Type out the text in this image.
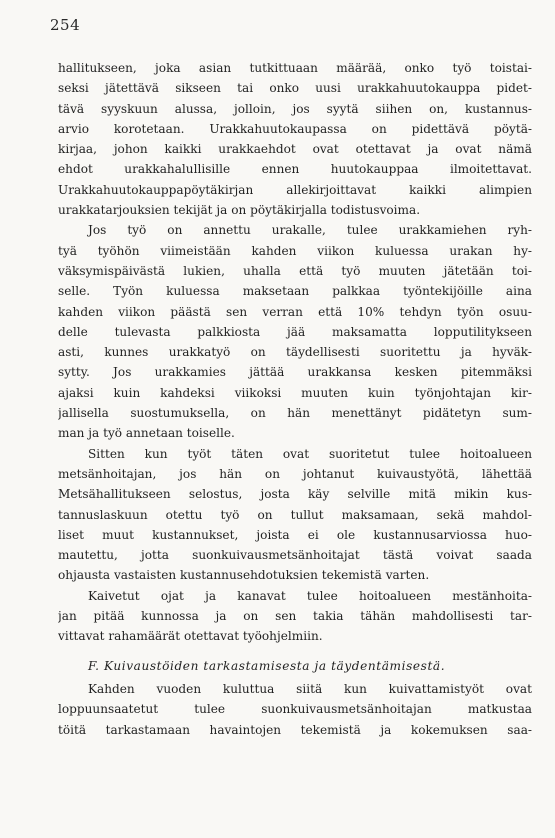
254
hallitukseen, joka asian tutkittuaan määrää, onko työ toistai-
seksi jätettävä sikseen tai onko uusi urakkahuutokauppa pidet-
tävä syyskuun alussa, jolloin, jos syytä siihen on, kustannus-
arvio korotetaan. Urakkahuutokaupassa on pidettävä pöytä-
kirjaa, johon kaikki urakkaehdot ovat otettavat ja ovat nämä
ehdot urakkahalullisille ennen huutokauppaa ilmoitettavat.
Urakkahuutokauppapöytäkirjan allekirjoittavat kaikki alimpien
urakkatarjouksien tekijät ja on pöytäkirjalla todistusvoima.
Jos työ on annettu urakalle, tulee urakkamiehen ryh-
tyä työhön viimeistään kahden viikon kuluessa urakan hy-
väksymispäivästä lukien, uhalla että työ muuten jätetään toi-
selle. Työn kuluessa maksetaan palkkaa työntekijöille aina
kahden viikon päästä sen verran että 10% tehdyn työn osuu-
delle tulevasta palkkiosta jää maksamatta lopputilitykseen
asti, kunnes urakkatyö on täydellisesti suoritettu ja hyväk-
sytty. Jos urakkamies jättää urakkansa kesken pitemmäksi
ajaksi kuin kahdeksi viikoksi muuten kuin työnjohtajan kir-
jallisella suostumuksella, on hän menettänyt pidätetyn sum-
man ja työ annetaan toiselle.
Sitten kun työt täten ovat suoritetut tulee hoitoalueen
metsänhoitajan, jos hän on johtanut kuivaustyötä, lähettää
Metsähallitukseen selostus, josta käy selville mitä mikin kus-
tannuslaskuun otettu työ on tullut maksamaan, sekä mahdol-
liset muut kustannukset, joista ei ole kustannusarviossa huo-
mautettu, jotta suonkuivausmetsänhoitajat tästä voivat saada
ohjausta vastaisten kustannusehdotuksien tekemistä varten.
Kaivetut ojat ja kanavat tulee hoitoalueen mestänhoita-
jan pitää kunnossa ja on sen takia tähän mahdollisesti tar-
vittavat rahamäärät otettavat työohjelmiin.
F. Kuivaustöiden tarkastamisesta ja täydentämisestä.
Kahden vuoden kuluttua siitä kun kuivattamistyöt ovat
loppuunsaatetut tulee suonkuivausmetsänhoitajan matkustaa
töitä tarkastamaan havaintojen tekemistä ja kokemuksen saa-
